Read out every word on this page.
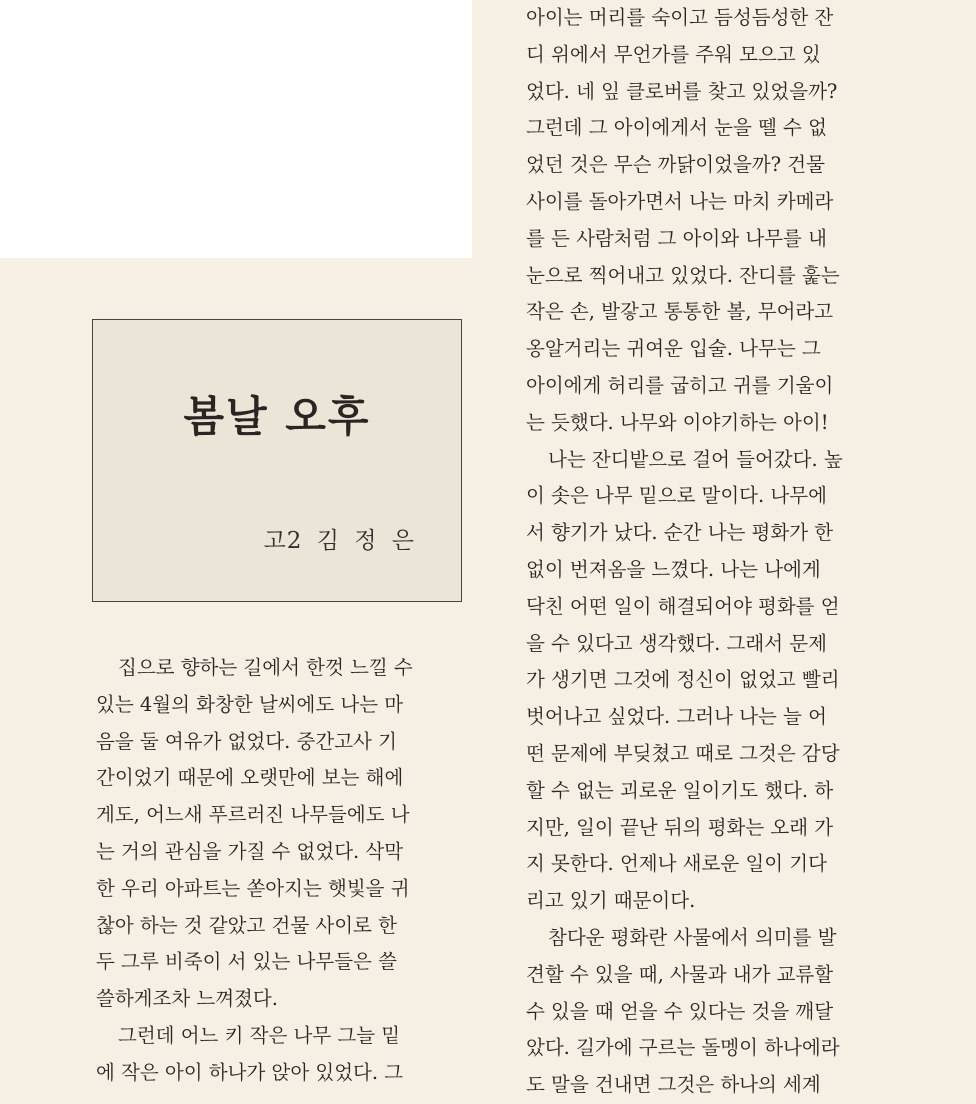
봄날 오후
고2 김 정 은
집으로 향하는 길에서 한껏 느낄 수
있는 4월의 화창한 날씨에도 나는 마
음을 둘 여유가 없었다. 중간고사 기
간이었기 때문에 오랫만에 보는 해에
게도, 어느새 푸르러진 나무들에도 나
는 거의 관심을 가질 수 없었다. 삭막
한 우리 아파트는 쏟아지는 햇빛을 귀
찮아 하는 것 같았고 건물 사이로 한
두 그루 비죽이 서 있는 나무들은 쓸
쓸하게조차 느껴졌다.
그런데 어느 키 작은 나무 그늘 밑
에 작은 아이 하나가 앉아 있었다. 그
아이는 머리를 숙이고 듬성듬성한 잔
디 위에서 무언가를 주워 모으고 있
었다. 네 잎 클로버를 찾고 있었을까?
그런데 그 아이에게서 눈을 뗄 수 없
었던 것은 무슨 까닭이었을까? 건물
사이를 돌아가면서 나는 마치 카메라
를 든 사람처럼 그 아이와 나무를 내
눈으로 찍어내고 있었다. 잔디를 훑는
작은 손, 발갛고 통통한 볼, 무어라고
옹알거리는 귀여운 입술. 나무는 그
아이에게 허리를 굽히고 귀를 기울이
는 듯했다. 나무와 이야기하는 아이!
나는 잔디밭으로 걸어 들어갔다. 높
이 솟은 나무 밑으로 말이다. 나무에
서 향기가 났다. 순간 나는 평화가 한
없이 번져옴을 느꼈다. 나는 나에게
닥친 어떤 일이 해결되어야 평화를 얻
을 수 있다고 생각했다. 그래서 문제
가 생기면 그것에 정신이 없었고 빨리
벗어나고 싶었다. 그러나 나는 늘 어
떤 문제에 부딪쳤고 때로 그것은 감당
할 수 없는 괴로운 일이기도 했다. 하
지만, 일이 끝난 뒤의 평화는 오래 가
지 못한다. 언제나 새로운 일이 기다
리고 있기 때문이다.
참다운 평화란 사물에서 의미를 발
견할 수 있을 때, 사물과 내가 교류할
수 있을 때 얻을 수 있다는 것을 깨달
았다. 길가에 구르는 돌멩이 하나에라
도 말을 건내면 그것은 하나의 세계
